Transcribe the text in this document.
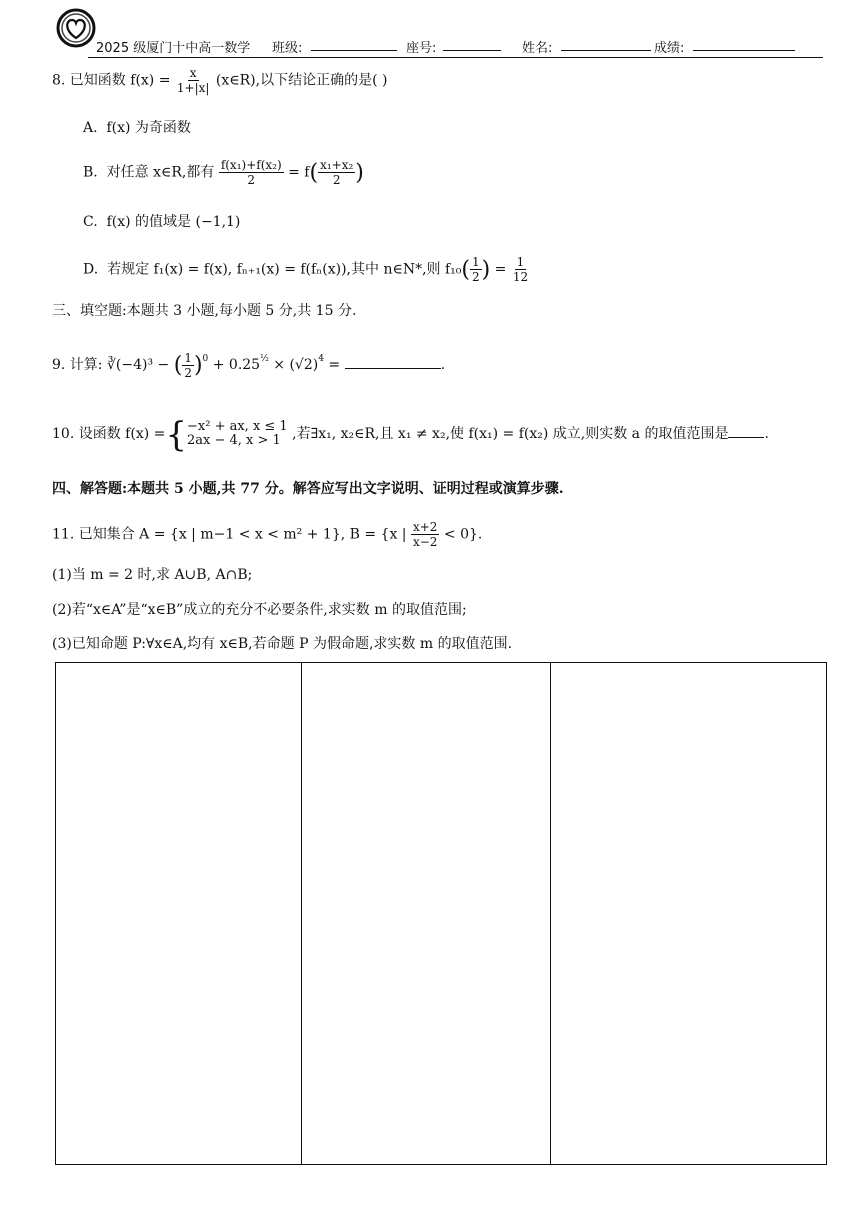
2025 级厦门十中高一数学 班级:	座号:	姓名:	成绩:
8. 已知函数 $f(x) = \frac{x}{1+|x|}$ (x∈R),以下结论正确的是( )
A. f(x) 为奇函数
B. 对任意 x∈R,都有 $\frac{\text{f(x₁)+f(x₂)}}{2} = f( \frac{\text{x₁+x₂}}{2}$ )
C. f(x) 的值域是 (−1,1)
D. 若规定 f₁(x) = f(x), fₙ₊₁(x) = f(fₙ(x)),其中 n∈N*,则 $f_{10}( \frac{1}{2}$ ) = $\frac{1}{12}$
三、填空题:本题共 3 小题,每小题 5 分,共 15 分.
9. 计算: ∛(−4)³ − ( $\frac{1}{2} )^0 + 0.25^{\frac{1}{2}} \times (√2)^4$ =	.
10. 设函数 f(x) ={−x² + ax, x ≤ 1
2ax − 4, x > 1 ,若∃x₁, x₂∈R,且 x₁ ≠ x₂,使 f(x₁) = f(x₂) 成立,则实数 a 的取值范围是	.
四、解答题:本题共 5 小题,共 77 分。解答应写出文字说明、证明过程或演算步骤.
11. 已知集合 A = {x | m−1 < x < m² + 1}, B = {x | $\frac{x+2}{x-2} < 0$}.
(1)当 m = 2 时,求 A∪B, A∩B;
(2)若“x∈A”是“x∈B”成立的充分不必要条件,求实数 m 的取值范围;
(3)已知命题 P:∀x∈A,均有 x∈B,若命题 P 为假命题,求实数 m 的取值范围.
